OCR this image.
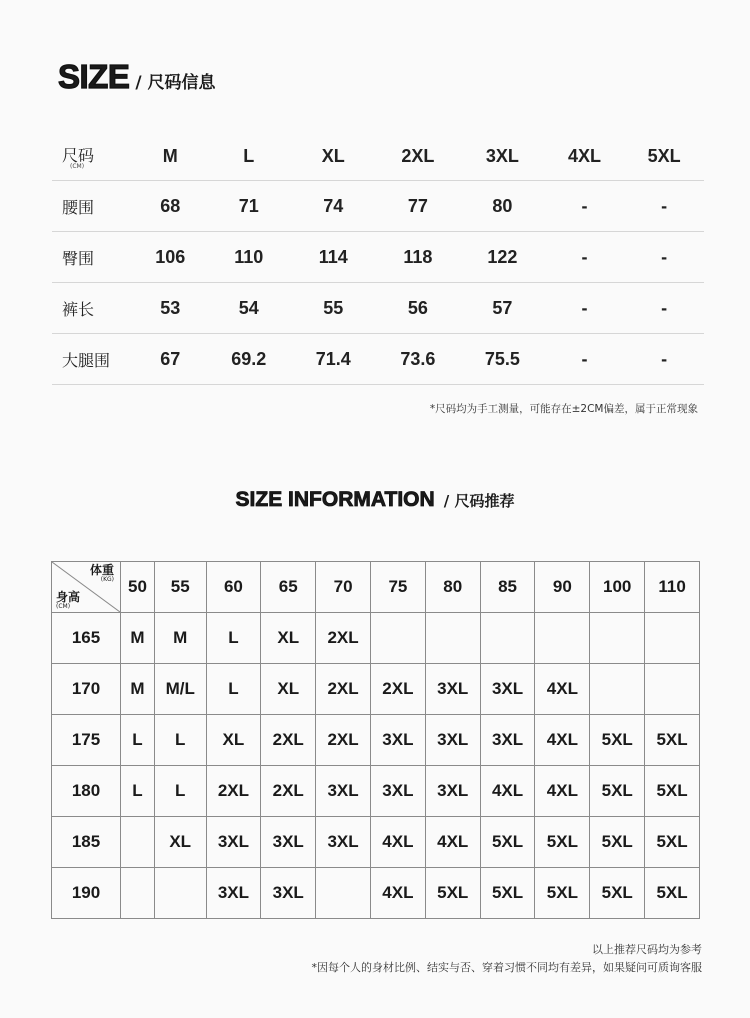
SIZE / 尺码信息
尺码
(CM)	M	L	XL	2XL	3XL	4XL	5XL
腰围	68	71	74	77	80	-	-
臀围	106	110	114	118	122	-	-
裤长	53	54	55	56	57	-	-
大腿围	67	69.2	71.4	73.6	75.5	-	-
*尺码均为手工测量，可能存在±2CM偏差，属于正常现象
SIZE INFORMATION / 尺码推荐
体重
(KG)
身高
(CM)	50	55	60	65	70	75	80	85	90	100	110
165	M	M	L	XL	2XL						
170	M	M/L	L	XL	2XL	2XL	3XL	3XL	4XL		
175	L	L	XL	2XL	2XL	3XL	3XL	3XL	4XL	5XL	5XL
180	L	L	2XL	2XL	3XL	3XL	3XL	4XL	4XL	5XL	5XL
185		XL	3XL	3XL	3XL	4XL	4XL	5XL	5XL	5XL	5XL
190			3XL	3XL		4XL	5XL	5XL	5XL	5XL	5XL
以上推荐尺码均为参考
*因每个人的身材比例、结实与否、穿着习惯不同均有差异，如果疑问可质询客服
